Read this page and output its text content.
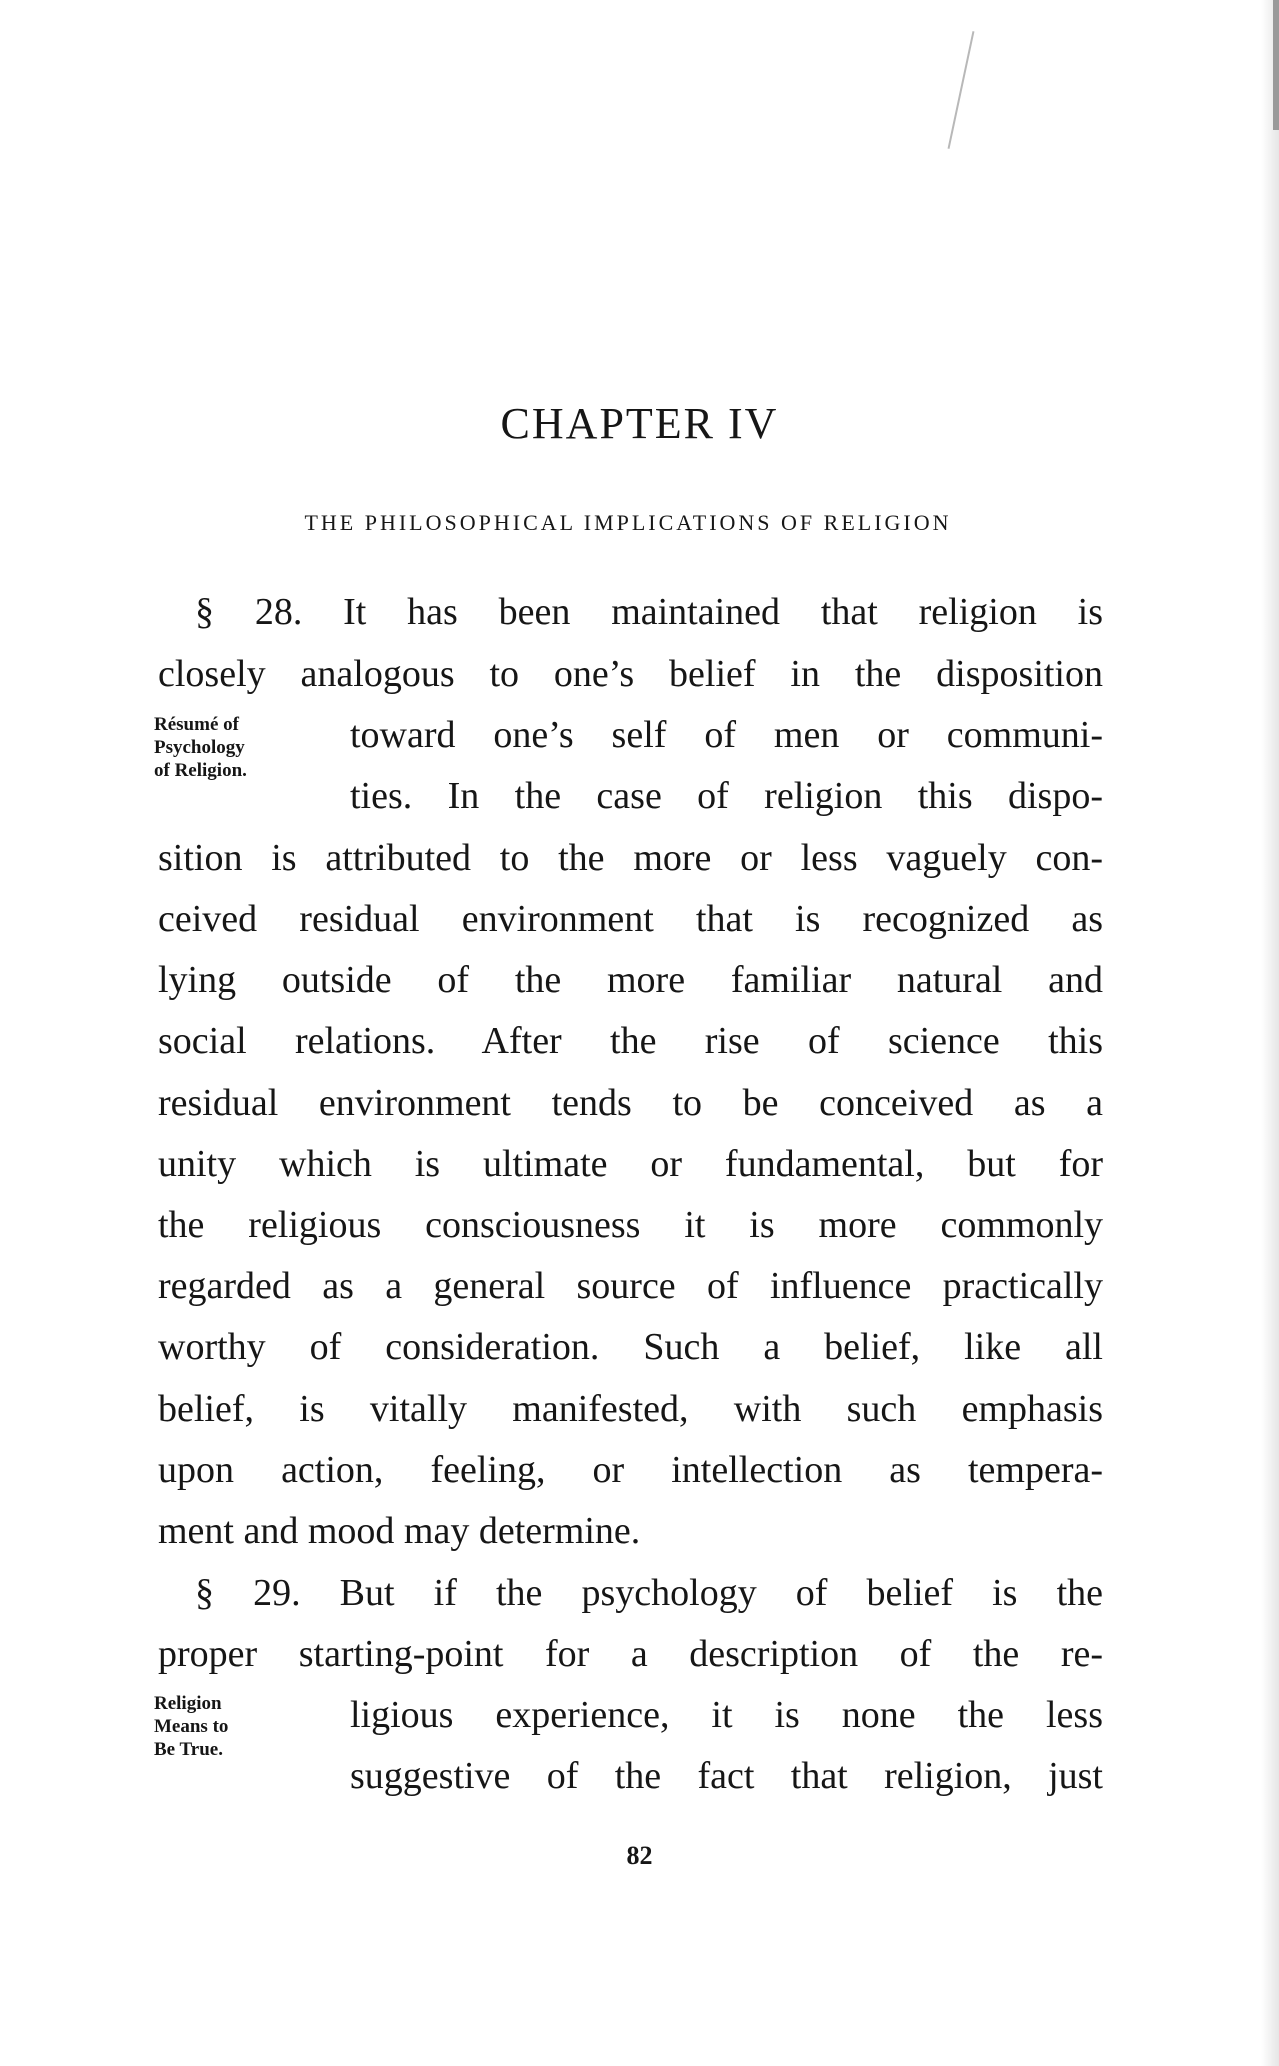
CHAPTER IV
THE PHILOSOPHICAL IMPLICATIONS OF RELIGION

§ 28. It has been maintained that religion is

closely analogous to one’s belief in the disposition

Résumé of

Psychology

of Religion.

toward one’s self of men or communi-

ties. In the case of religion this dispo-

sition is attributed to the more or less vaguely con-

ceived residual environment that is recognized as

lying outside of the more familiar natural and

social relations. After the rise of science this

residual environment tends to be conceived as a

unity which is ultimate or fundamental, but for

the religious consciousness it is more commonly

regarded as a general source of influence practically

worthy of consideration. Such a belief, like all

belief, is vitally manifested, with such emphasis

upon action, feeling, or intellection as tempera-

ment and mood may determine.

§ 29. But if the psychology of belief is the

proper starting-point for a description of the re-

Religion

Means to

Be True.

ligious experience, it is none the less

suggestive of the fact that religion, just

82
